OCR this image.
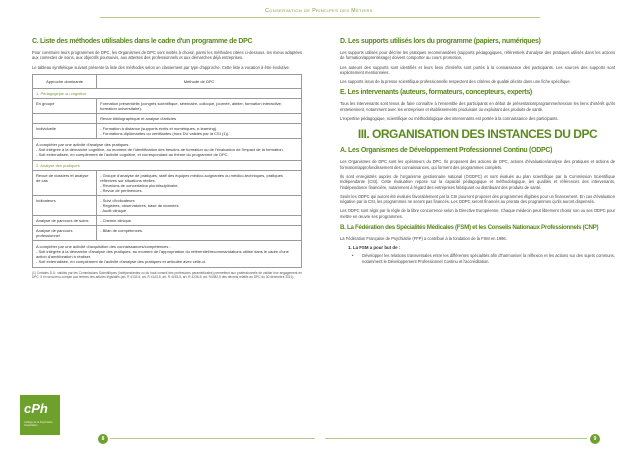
Conservation de Principes des Métiers
C. Liste des méthodes utilisables dans le cadre d'un programme de DPC
Pour construire leurs programmes de DPC, les Organismes de DPC sont invités à choisir, parmi les méthodes citées ci-dessous, les mieux adaptées aux contextes de soins, aux objectifs poursuivis, aux attentes des professionnels et aux démarches déjà entreprises.
Le tableau synthétique suivant présente la liste des méthodes selon un classement par type d'approche. Cette liste a vocation à être évolutive.
Approche dominante	Méthode de DPC
1. Pédagogique ou cognitive	
En groupe	Formation présentielle (congrès scientifique, séminaire, colloque, journée, atelier, formation interactive, formation universitaire).
	Revue bibliographique et analyse d'articles
Individuelle	- Formation à distance (supports écrits et numériques, e-learning).
- Formations diplômantes ou certifiantes (hors DU validés par la CSI (1)).

A compléter par une activité d'analyse des pratiques :
- Soit intégrée à la démarche cognitive, au moment de l'identification des besoins de formation ou de l'évaluation de l'impact de la formation.
- Soit externalisée, en complément de l'activité cognitive, et correspondant au thème du programme de DPC.	

2. Analyse des pratiques	
Revue de dossiers et analyse de cas	- Groupe d'analyse de pratiques, staff des équipes médico-soignantes ou médico-techniques, pratiques réflexives sur situations réelles.
- Réunions de concertation pluridisciplinaire.
- Revue de pertinences.
Indicateurs	- Suivi d'indicateurs
- Registres, observatoires, base de données
- Audit clinique
Analyse de parcours de soins	- Chemin clinique.
Analyse de parcours professionnel	- Bilan de compétences.

A compléter par une activité d'acquisition des connaissances/compétences :
- Soit intégrée à la démarche d'analyse des pratiques, au moment de l'appropriation du référentiel/recommandations utilisé dans le cadre d'une action d'amélioration à réaliser.
- Soit externalisée, en complément de l'activité d'analyse des pratiques et articulée avec celle-ci.	
(1) Certains D.U. validés par les Commissions Scientifiques (Indépendantes ou du haut conseil des professions paramédicales) permettent aux professionnels de valider leur engagement en DPC. Il en sera tenu compte aux termes des articles législatifs (art. R 4133-5, art. R 4143-5, art. R 4153-5, art. R 4236-5, art. R4382-5 des décrets relatifs au DPC du 30 décembre 2011).
D. Les supports utilisés lors du programme (papiers, numériques)
Les supports utilisés pour décrire les pratiques recommandées (supports pédagogiques, référentiels d'analyse des pratiques utilisés dans les actions de formation/apprentissage) doivent comporter au cours promotion.
Les auteurs des supports sont identifiés et leurs liens d'intérêts sont portés à la connaissance des participants. Les sources des supports sont explicitement mentionnées.
Les supports issus de la presse scientifique professionnelle respectent des critères de qualité décrits dans une fiche spécifique.
E. Les intervenants (auteurs, formateurs, concepteurs, experts)
Tous les intervenants sont tenus de faire connaître à l'ensemble des participants en début de présentation/programme/session les liens d'intérêt qu'ils entretiennent, notamment avec les entreprises et établissements produisant ou exploitant des produits de santé.
L'expertise pédagogique, scientifique ou méthodologique des intervenants est portée à la connaissance des participants.
III. ORGANISATION DES INSTANCES DU DPC
A. Les Organismes de Développement Professionnel Continu (ODPC)
Les Organismes de DPC sont les opérateurs du DPC. Ils proposent des actions de DPC, actions d'évaluation/analyse des pratiques et actions de formation/approfondissement des connaissances, qui forment des programmes complets.
Ils sont enregistrés auprès de l'organisme gestionnaire national (OGDPC) et sont évalués au plan scientifique par la Commission Scientifique Indépendante (CSI). Cette évaluation repose sur la capacité pédagogique et méthodologique, les qualités et références des intervenants, l'indépendance financière, notamment à l'égard des entreprises fabriquant ou distribuant des produits de santé.
Seuls les ODPC qui auront été évalués favorablement par la CSI pourront proposer des programmes éligibles pour un financement. En cas d'évaluation négative par la CSI, les programmes ne seront pas financés. Les ODPC seront financés au prorata des programmes qu'ils auront dispensés.
Les ODPC sont régis par la règle de la libre concurrence selon la Directive Européenne. Chaque médecin peut librement choisir son ou ses ODPC pour mettre en œuvre ses programmes.
B. La Fédération des Spécialités Médicales (FSM) et les Conseils Nationaux Professionnels (CNP)
La Fédération Française de Psychiatrie (FFP) a contribué à la fondation de la FSM en 1996.
1. La FSM a pour but de :
• Développer les relations transversales entre les différentes spécialités afin d'harmoniser la réflexion et les actions sur des sujets communs, notamment le Développement Professionnel Continu et l'accréditation.
cPh
Collège de la Psychiatrie Hospitalière
8	9
